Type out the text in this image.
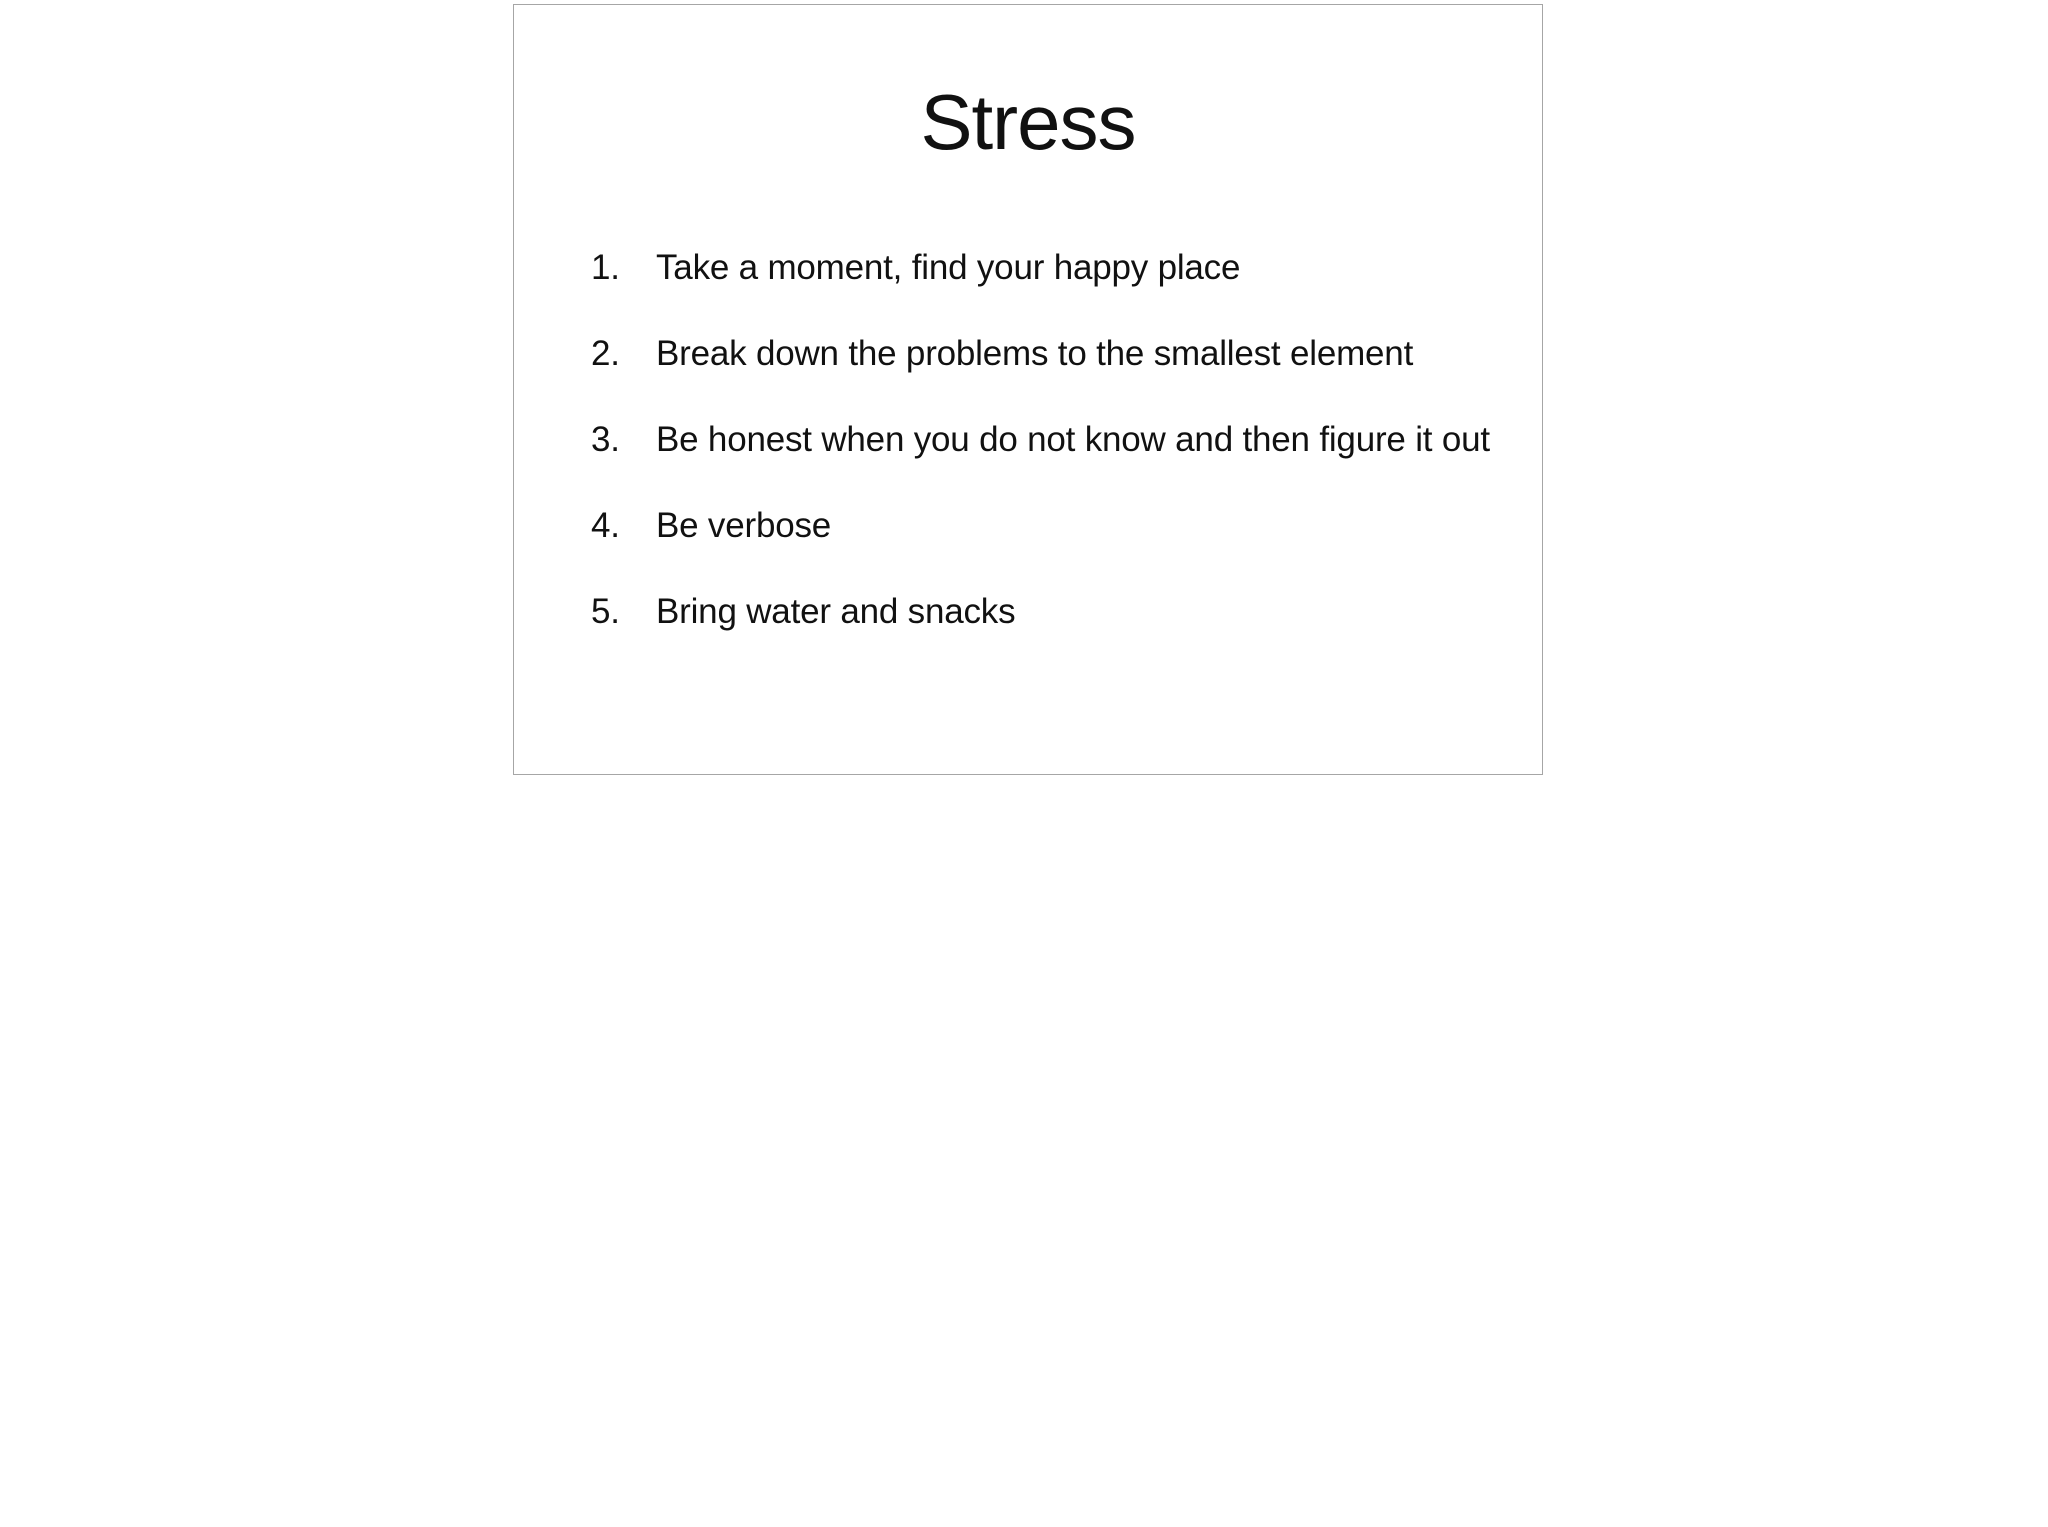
Stress
1.	Take a moment, find your happy place
2.	Break down the problems to the smallest element
3.	Be honest when you do not know and then figure it out
4.	Be verbose
5.	Bring water and snacks
